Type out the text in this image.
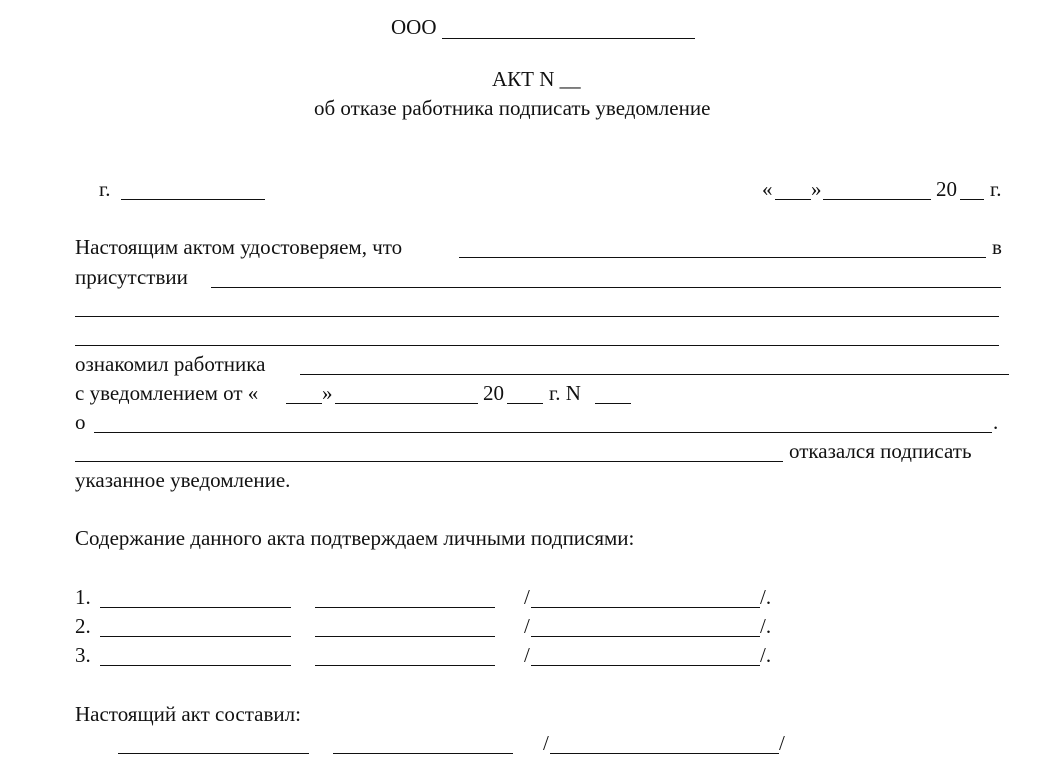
ООО
АКТ N __
об отказе работника подписать уведомление
г.	« »	20 г.
Настоящим актом удостоверяем, что	в
присутствии
ознакомил работника
с уведомлением от «	»	20 г. N
о	.
отказался подписать
указанное уведомление.
Содержание данного акта подтверждаем личными подписями:
1.	/	/.
2.	/	/.
3.	/	/.
Настоящий акт составил:
/	/
